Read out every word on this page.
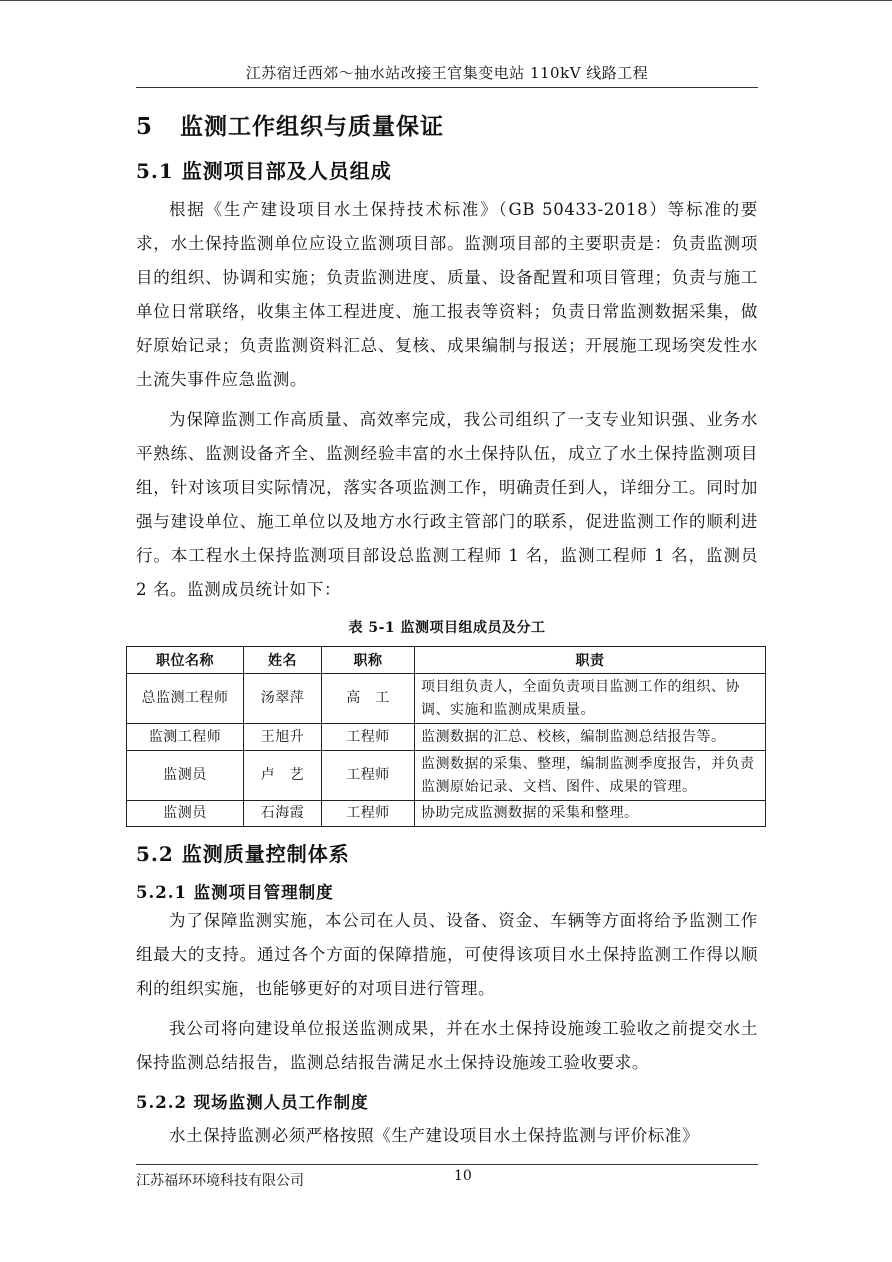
江苏宿迁西郊～抽水站改接王官集变电站 110kV 线路工程
5 监测工作组织与质量保证
5.1 监测项目部及人员组成

根据《生产建设项目水土保持技术标准》（GB 50433-2018）等标准的要求，水土保持监测单位应设立监测项目部。监测项目部的主要职责是：负责监测项目的组织、协调和实施；负责监测进度、质量、设备配置和项目管理；负责与施工单位日常联络，收集主体工程进度、施工报表等资料；负责日常监测数据采集，做好原始记录；负责监测资料汇总、复核、成果编制与报送；开展施工现场突发性水土流失事件应急监测。

为保障监测工作高质量、高效率完成，我公司组织了一支专业知识强、业务水平熟练、监测设备齐全、监测经验丰富的水土保持队伍，成立了水土保持监测项目组，针对该项目实际情况，落实各项监测工作，明确责任到人，详细分工。同时加强与建设单位、施工单位以及地方水行政主管部门的联系，促进监测工作的顺利进行。本工程水土保持监测项目部设总监测工程师 1 名，监测工程师 1 名，监测员 2 名。监测成员统计如下：

表 5-1 监测项目组成员及分工
职位名称	姓名	职称	职责
总监测工程师	汤翠萍	高　工	项目组负责人，全面负责项目监测工作的组织、协调、实施和监测成果质量。
监测工程师	王旭升	工程师	监测数据的汇总、校核，编制监测总结报告等。
监测员	卢　艺	工程师	监测数据的采集、整理，编制监测季度报告，并负责监测原始记录、文档、图件、成果的管理。
监测员	石海霞	工程师	协助完成监测数据的采集和整理。
5.2 监测质量控制体系
5.2.1 监测项目管理制度

为了保障监测实施，本公司在人员、设备、资金、车辆等方面将给予监测工作组最大的支持。通过各个方面的保障措施，可使得该项目水土保持监测工作得以顺利的组织实施，也能够更好的对项目进行管理。

我公司将向建设单位报送监测成果，并在水土保持设施竣工验收之前提交水土保持监测总结报告，监测总结报告满足水土保持设施竣工验收要求。

5.2.2 现场监测人员工作制度

水土保持监测必须严格按照《生产建设项目水土保持监测与评价标准》

江苏福环环境科技有限公司	10
